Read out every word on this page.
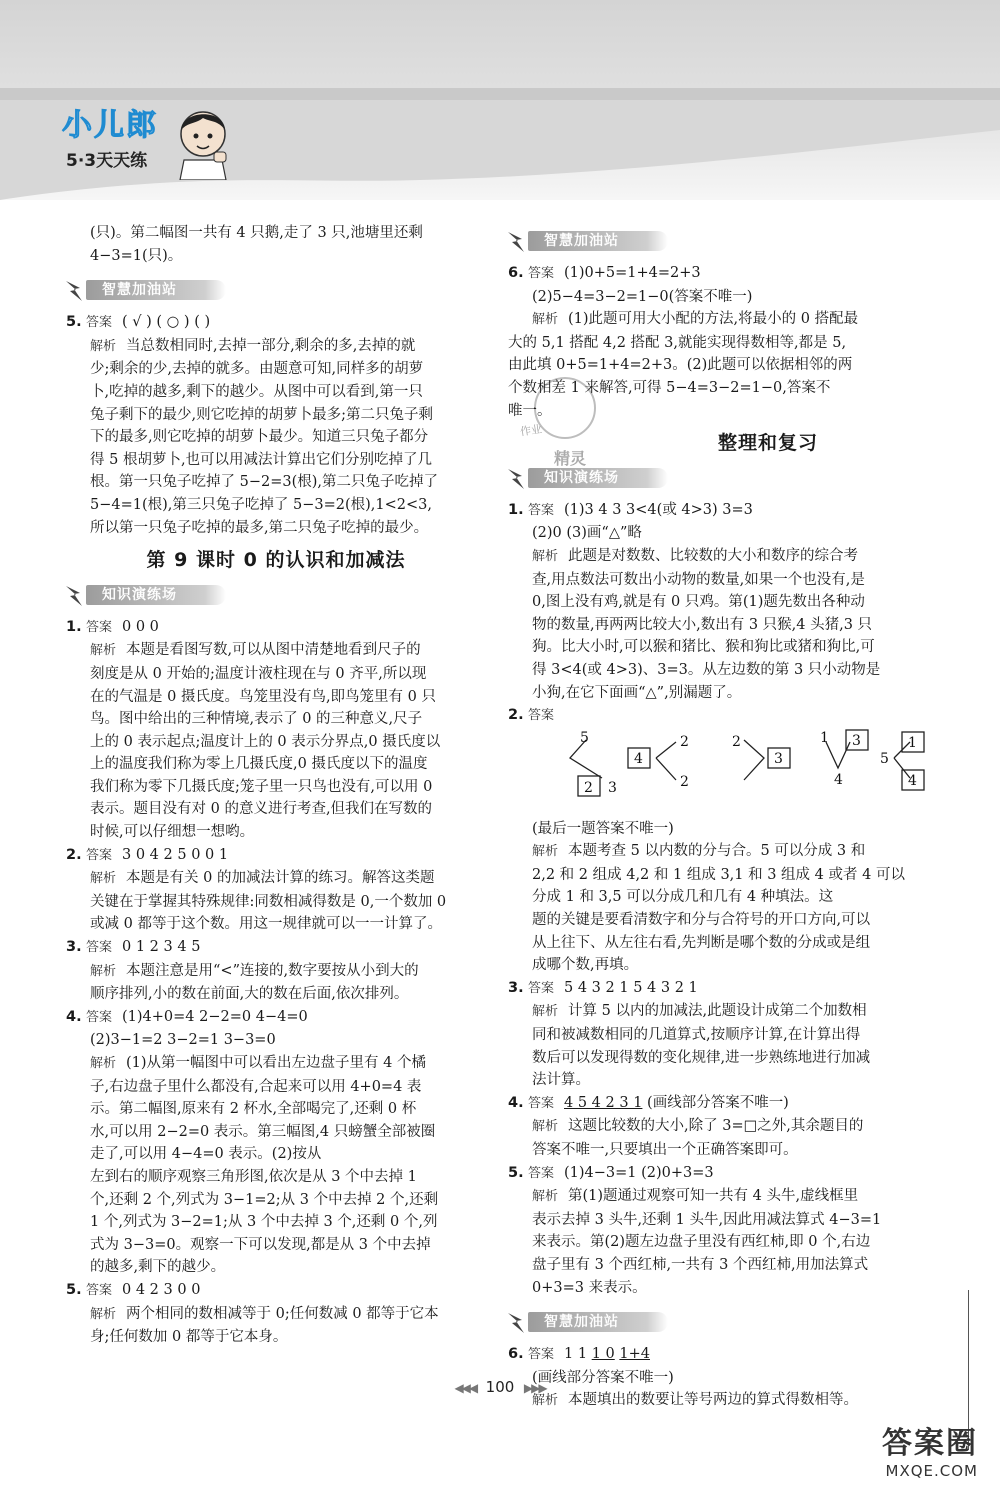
小儿郎
5·3天天练
作业
精灵

(只)。第二幅图一共有 4 只鹅,走了 3 只,池塘里还剩

4−3=1(只)。

智慧加油站

5. 答案 ( √ ) ( ○ ) ( )

解析 当总数相同时,去掉一部分,剩余的多,去掉的就

少;剩余的少,去掉的就多。由题意可知,同样多的胡萝

卜,吃掉的越多,剩下的越少。从图中可以看到,第一只

兔子剩下的最少,则它吃掉的胡萝卜最多;第二只兔子剩

下的最多,则它吃掉的胡萝卜最少。知道三只兔子都分

得 5 根胡萝卜,也可以用减法计算出它们分别吃掉了几

根。第一只兔子吃掉了 5−2=3(根),第二只兔子吃掉了

5−4=1(根),第三只兔子吃掉了 5−3=2(根),1<2<3,

所以第一只兔子吃掉的最多,第二只兔子吃掉的最少。

第 9 课时 0 的认识和加减法
知识演练场

1. 答案 0 0 0

解析 本题是看图写数,可以从图中清楚地看到尺子的

刻度是从 0 开始的;温度计液柱现在与 0 齐平,所以现

在的气温是 0 摄氏度。鸟笼里没有鸟,即鸟笼里有 0 只

鸟。图中给出的三种情境,表示了 0 的三种意义,尺子

上的 0 表示起点;温度计上的 0 表示分界点,0 摄氏度以

上的温度我们称为零上几摄氏度,0 摄氏度以下的温度

我们称为零下几摄氏度;笼子里一只鸟也没有,可以用 0

表示。题目没有对 0 的意义进行考查,但我们在写数的

时候,可以仔细想一想哟。

2. 答案 3 0 4 2 5 0 0 1

解析 本题是有关 0 的加减法计算的练习。解答这类题

关键在于掌握其特殊规律:同数相减得数是 0,一个数加 0

或减 0 都等于这个数。用这一规律就可以一一计算了。

3. 答案 0 1 2 3 4 5

解析 本题注意是用“<”连接的,数字要按从小到大的

顺序排列,小的数在前面,大的数在后面,依次排列。

4. 答案 (1)4+0=4 2−2=0 4−4=0

(2)3−1=2 3−2=1 3−3=0

解析 (1)从第一幅图中可以看出左边盘子里有 4 个橘

子,右边盘子里什么都没有,合起来可以用 4+0=4 表

示。第二幅图,原来有 2 杯水,全部喝完了,还剩 0 杯

水,可以用 2−2=0 表示。第三幅图,4 只螃蟹全部被圈

走了,可以用 4−4=0 表示。(2)按从

左到右的顺序观察三角形图,依次是从 3 个中去掉 1

个,还剩 2 个,列式为 3−1=2;从 3 个中去掉 2 个,还剩

1 个,列式为 3−2=1;从 3 个中去掉 3 个,还剩 0 个,列

式为 3−3=0。观察一下可以发现,都是从 3 个中去掉

的越多,剩下的越少。

5. 答案 0 4 2 3 0 0

解析 两个相同的数相减等于 0;任何数减 0 都等于它本

身;任何数加 0 都等于它本身。

智慧加油站

6. 答案 (1)0+5=1+4=2+3

(2)5−4=3−2=1−0(答案不唯一)

解析 (1)此题可用大小配的方法,将最小的 0 搭配最

大的 5,1 搭配 4,2 搭配 3,就能实现得数相等,都是 5,

由此填 0+5=1+4=2+3。(2)此题可以依据相邻的两

个数相差 1 来解答,可得 5−4=3−2=1−0,答案不

唯一。

整理和复习
知识演练场

1. 答案 (1)3 4 3 3<4(或 4>3) 3=3

(2)0 (3)画“△”略

解析 此题是对数数、比较数的大小和数序的综合考

查,用点数法可数出小动物的数量,如果一个也没有,是

0,图上没有鸡,就是有 0 只鸡。第(1)题先数出各种动

物的数量,再两两比较大小,数出有 3 只猴,4 头猪,3 只

狗。比大小时,可以猴和猪比、猴和狗比或猪和狗比,可

得 3<4(或 4>3)、3=3。从左边数的第 3 只小动物是

小狗,在它下面画“△”,别漏题了。

2. 答案

5
2 3
4
2
2
2
3
1 3
4
5
1
4

(最后一题答案不唯一)

解析 本题考查 5 以内数的分与合。5 可以分成 3 和

2,2 和 2 组成 4,2 和 1 组成 3,1 和 3 组成 4 或者 4 可以

分成 1 和 3,5 可以分成几和几有 4 种填法。这

题的关键是要看清数字和分与合符号的开口方向,可以

从上往下、从左往右看,先判断是哪个数的分成或是组

成哪个数,再填。

3. 答案 5 4 3 2 1 5 4 3 2 1

解析 计算 5 以内的加减法,此题设计成第二个加数相

同和被减数相同的几道算式,按顺序计算,在计算出得

数后可以发现得数的变化规律,进一步熟练地进行加减

法计算。

4. 答案 4 5 4 2 3 1 (画线部分答案不唯一)

解析 这题比较数的大小,除了 3=□之外,其余题目的

答案不唯一,只要填出一个正确答案即可。

5. 答案 (1)4−3=1 (2)0+3=3

解析 第(1)题通过观察可知一共有 4 头牛,虚线框里

表示去掉 3 头牛,还剩 1 头牛,因此用减法算式 4−3=1

来表示。第(2)题左边盘子里没有西红柿,即 0 个,右边

盘子里有 3 个西红柿,一共有 3 个西红柿,用加法算式

0+3=3 来表示。

智慧加油站

6. 答案 1 1 1 0 1+4

(画线部分答案不唯一)

解析 本题填出的数要让等号两边的算式得数相等。

◀◀◀ 100 ▶▶▶
答案圈
MXQE.COM
